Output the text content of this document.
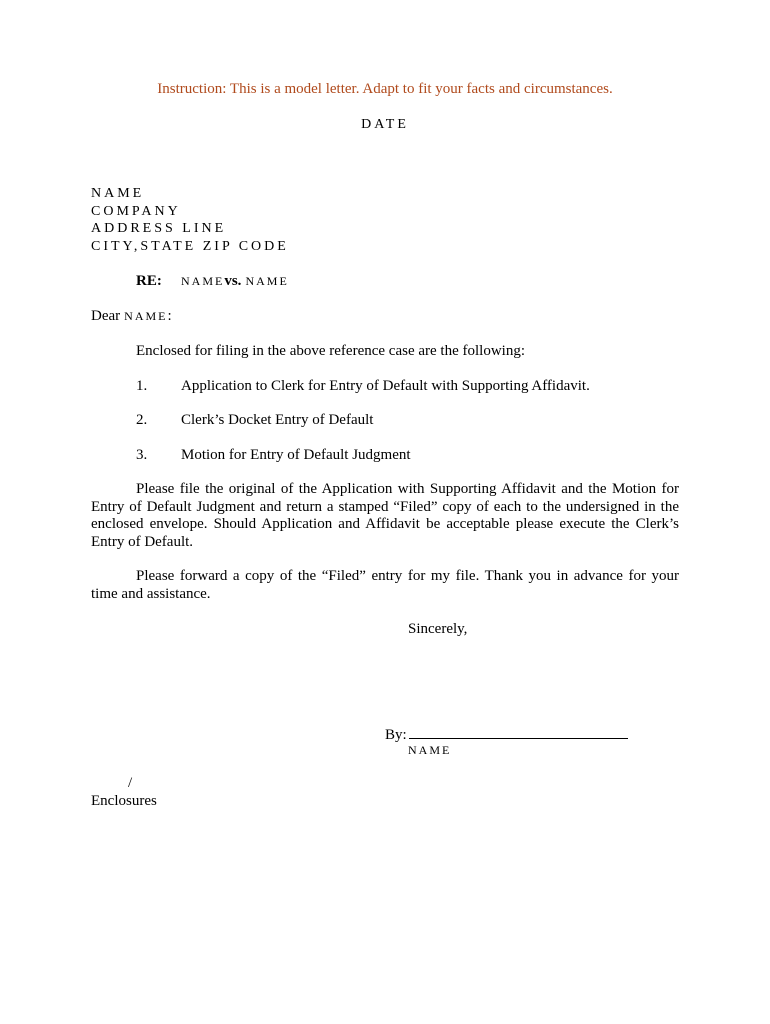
Instruction: This is a model letter. Adapt to fit your facts and circumstances.

DATE

NAME

COMPANY

ADDRESS LINE

CITY,STATE ZIP CODE

RE: NAMEvs. NAME

Dear NAME:

Enclosed for filing in the above reference case are the following:

1. Application to Clerk for Entry of Default with Supporting Affidavit.
2. Clerk’s Docket Entry of Default
3. Motion for Entry of Default Judgment

Please file the original of the Application with Supporting Affidavit and the Motion for Entry of Default Judgment and return a stamped “Filed” copy of each to the undersigned in the enclosed envelope. Should Application and Affidavit be acceptable please execute the Clerk’s Entry of Default.

Please forward a copy of the “Filed” entry for my file. Thank you in advance for your time and assistance.

Sincerely,

By:

NAME

/

Enclosures
